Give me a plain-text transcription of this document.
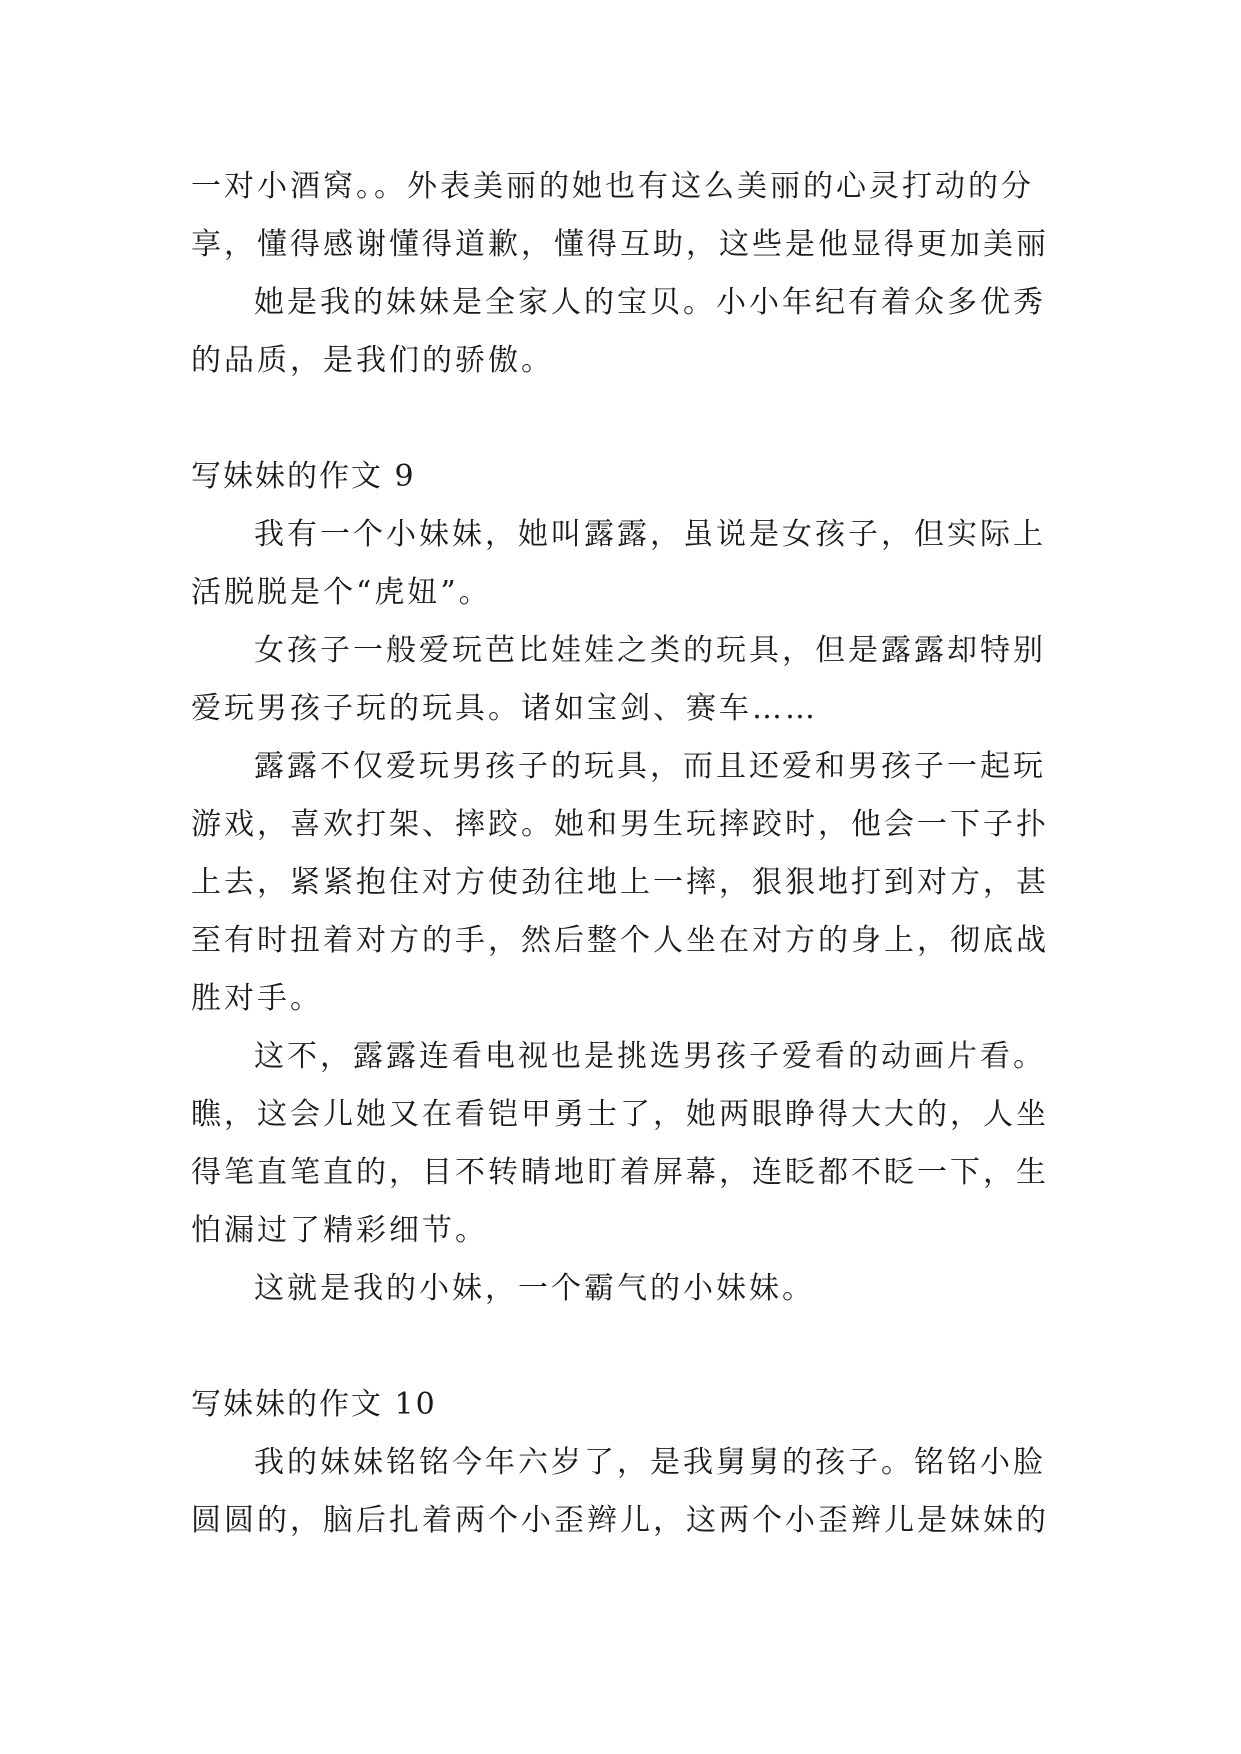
一对小酒窝。。外表美丽的她也有这么美丽的心灵打动的分
享，懂得感谢懂得道歉，懂得互助，这些是他显得更加美丽
她是我的妹妹是全家人的宝贝。小小年纪有着众多优秀
的品质，是我们的骄傲。
写妹妹的作文 9
我有一个小妹妹，她叫露露，虽说是女孩子，但实际上
活脱脱是个“虎妞”。
女孩子一般爱玩芭比娃娃之类的玩具，但是露露却特别
爱玩男孩子玩的玩具。诸如宝剑、赛车……
露露不仅爱玩男孩子的玩具，而且还爱和男孩子一起玩
游戏，喜欢打架、摔跤。她和男生玩摔跤时，他会一下子扑
上去，紧紧抱住对方使劲往地上一摔，狠狠地打到对方，甚
至有时扭着对方的手，然后整个人坐在对方的身上，彻底战
胜对手。
这不，露露连看电视也是挑选男孩子爱看的动画片看。
瞧，这会儿她又在看铠甲勇士了，她两眼睁得大大的，人坐
得笔直笔直的，目不转睛地盯着屏幕，连眨都不眨一下，生
怕漏过了精彩细节。
这就是我的小妹，一个霸气的小妹妹。
写妹妹的作文 10
我的妹妹铭铭今年六岁了，是我舅舅的孩子。铭铭小脸
圆圆的，脑后扎着两个小歪辫儿，这两个小歪辫儿是妹妹的
